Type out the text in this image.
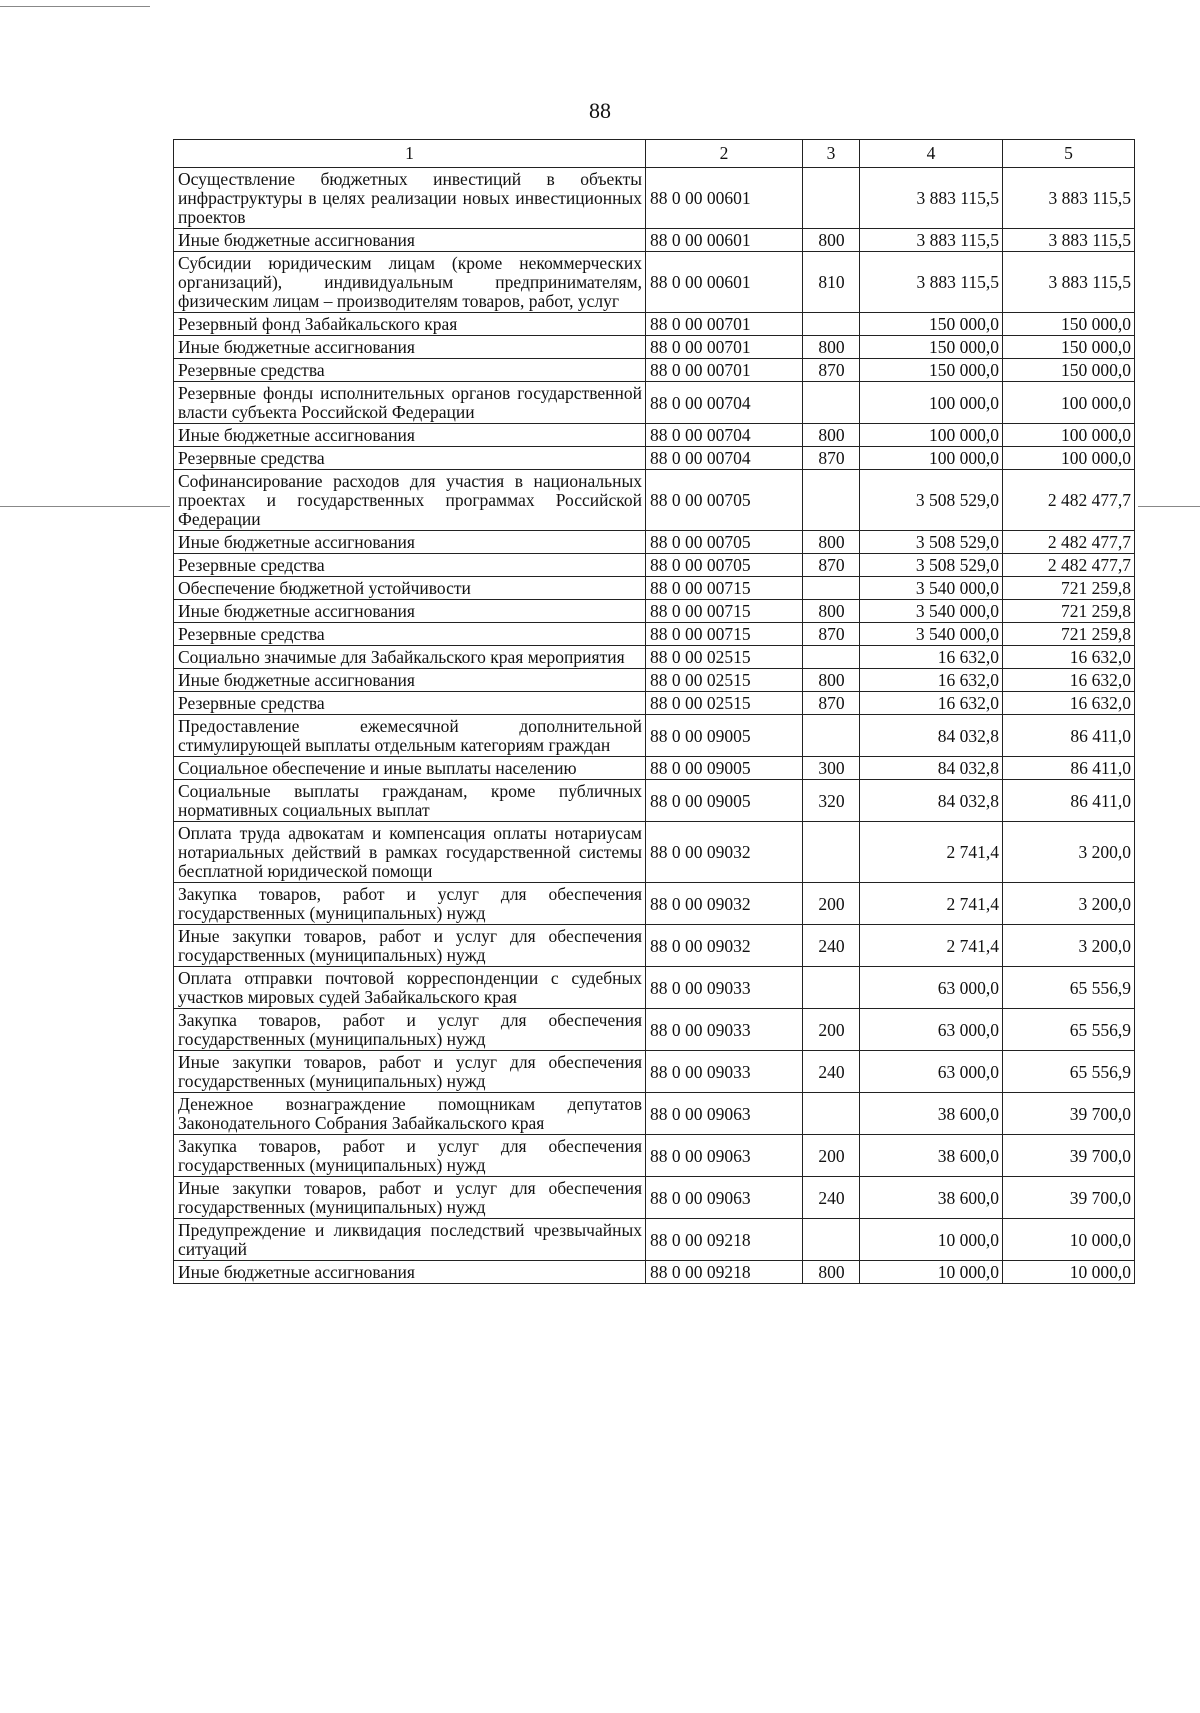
88
1	2	3	4	5
Осуществление бюджетных инвестиций в объекты инфраструктуры в целях реализации новых инвестиционных проектов	88 0 00 00601		3 883 115,5	3 883 115,5
Иные бюджетные ассигнования	88 0 00 00601	800	3 883 115,5	3 883 115,5
Субсидии юридическим лицам (кроме некоммерческих организаций), индивидуальным предпринимателям, физическим лицам – производителям товаров, работ, услуг	88 0 00 00601	810	3 883 115,5	3 883 115,5
Резервный фонд Забайкальского края	88 0 00 00701		150 000,0	150 000,0
Иные бюджетные ассигнования	88 0 00 00701	800	150 000,0	150 000,0
Резервные средства	88 0 00 00701	870	150 000,0	150 000,0
Резервные фонды исполнительных органов государственной власти субъекта Российской Федерации	88 0 00 00704		100 000,0	100 000,0
Иные бюджетные ассигнования	88 0 00 00704	800	100 000,0	100 000,0
Резервные средства	88 0 00 00704	870	100 000,0	100 000,0
Софинансирование расходов для участия в национальных проектах и государственных программах Российской Федерации	88 0 00 00705		3 508 529,0	2 482 477,7
Иные бюджетные ассигнования	88 0 00 00705	800	3 508 529,0	2 482 477,7
Резервные средства	88 0 00 00705	870	3 508 529,0	2 482 477,7
Обеспечение бюджетной устойчивости	88 0 00 00715		3 540 000,0	721 259,8
Иные бюджетные ассигнования	88 0 00 00715	800	3 540 000,0	721 259,8
Резервные средства	88 0 00 00715	870	3 540 000,0	721 259,8
Социально значимые для Забайкальского края мероприятия	88 0 00 02515		16 632,0	16 632,0
Иные бюджетные ассигнования	88 0 00 02515	800	16 632,0	16 632,0
Резервные средства	88 0 00 02515	870	16 632,0	16 632,0
Предоставление ежемесячной дополнительной стимулирующей выплаты отдельным категориям граждан	88 0 00 09005		84 032,8	86 411,0
Социальное обеспечение и иные выплаты населению	88 0 00 09005	300	84 032,8	86 411,0
Социальные выплаты гражданам, кроме публичных нормативных социальных выплат	88 0 00 09005	320	84 032,8	86 411,0
Оплата труда адвокатам и компенсация оплаты нотариусам нотариальных действий в рамках государственной системы бесплатной юридической помощи	88 0 00 09032		2 741,4	3 200,0
Закупка товаров, работ и услуг для обеспечения государственных (муниципальных) нужд	88 0 00 09032	200	2 741,4	3 200,0
Иные закупки товаров, работ и услуг для обеспечения государственных (муниципальных) нужд	88 0 00 09032	240	2 741,4	3 200,0
Оплата отправки почтовой корреспонденции с судебных участков мировых судей Забайкальского края	88 0 00 09033		63 000,0	65 556,9
Закупка товаров, работ и услуг для обеспечения государственных (муниципальных) нужд	88 0 00 09033	200	63 000,0	65 556,9
Иные закупки товаров, работ и услуг для обеспечения государственных (муниципальных) нужд	88 0 00 09033	240	63 000,0	65 556,9
Денежное вознаграждение помощникам депутатов Законодательного Собрания Забайкальского края	88 0 00 09063		38 600,0	39 700,0
Закупка товаров, работ и услуг для обеспечения государственных (муниципальных) нужд	88 0 00 09063	200	38 600,0	39 700,0
Иные закупки товаров, работ и услуг для обеспечения государственных (муниципальных) нужд	88 0 00 09063	240	38 600,0	39 700,0
Предупреждение и ликвидация последствий чрезвычайных ситуаций	88 0 00 09218		10 000,0	10 000,0
Иные бюджетные ассигнования	88 0 00 09218	800	10 000,0	10 000,0
